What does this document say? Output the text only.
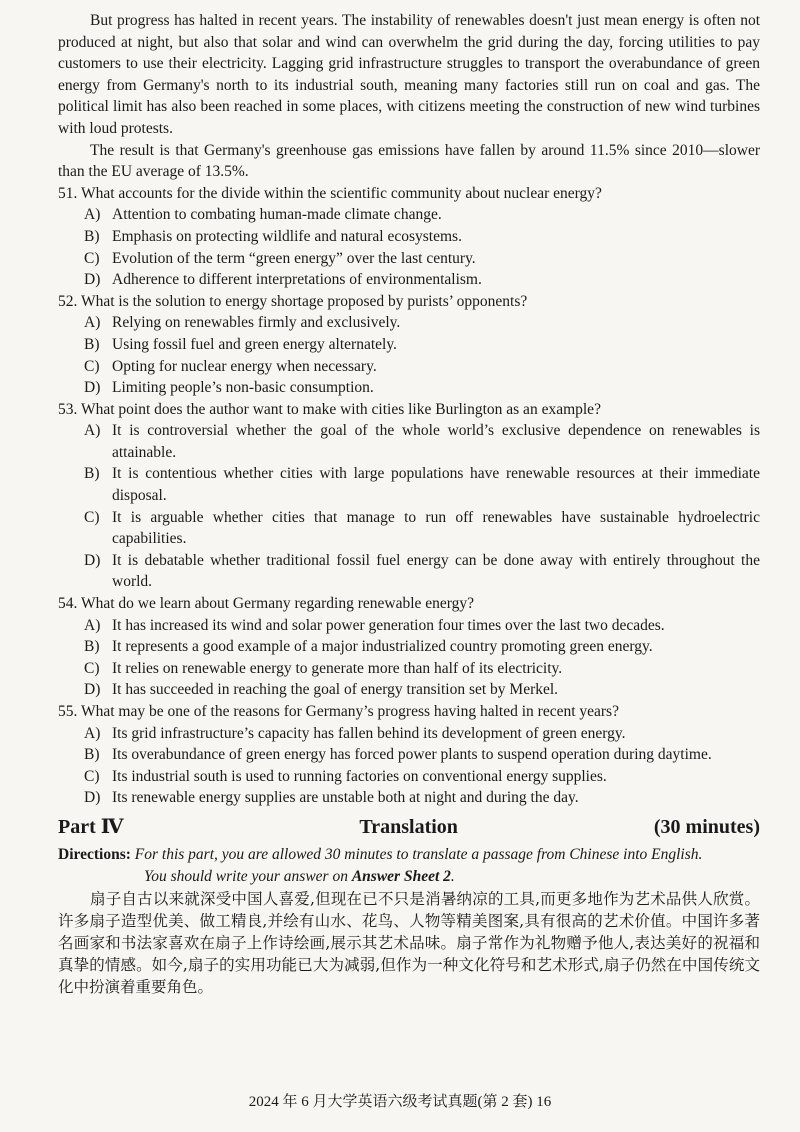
But progress has halted in recent years. The instability of renewables doesn't just mean energy is often not produced at night, but also that solar and wind can overwhelm the grid during the day, forcing utilities to pay customers to use their electricity. Lagging grid infrastructure struggles to transport the overabundance of green energy from Germany's north to its industrial south, meaning many factories still run on coal and gas. The political limit has also been reached in some places, with citizens meeting the construction of new wind turbines with loud protests.

The result is that Germany's greenhouse gas emissions have fallen by around 11.5% since 2010—slower than the EU average of 13.5%.

51. What accounts for the divide within the scientific community about nuclear energy?
A) Attention to combating human-made climate change.
B) Emphasis on protecting wildlife and natural ecosystems.
C) Evolution of the term “green energy” over the last century.
D) Adherence to different interpretations of environmentalism.
52. What is the solution to energy shortage proposed by purists’ opponents?
A) Relying on renewables firmly and exclusively.
B) Using fossil fuel and green energy alternately.
C) Opting for nuclear energy when necessary.
D) Limiting people’s non-basic consumption.
53. What point does the author want to make with cities like Burlington as an example?
A) It is controversial whether the goal of the whole world’s exclusive dependence on renewables is attainable.
B) It is contentious whether cities with large populations have renewable resources at their immediate disposal.
C) It is arguable whether cities that manage to run off renewables have sustainable hydroelectric capabilities.
D) It is debatable whether traditional fossil fuel energy can be done away with entirely throughout the world.
54. What do we learn about Germany regarding renewable energy?
A) It has increased its wind and solar power generation four times over the last two decades.
B) It represents a good example of a major industrialized country promoting green energy.
C) It relies on renewable energy to generate more than half of its electricity.
D) It has succeeded in reaching the goal of energy transition set by Merkel.
55. What may be one of the reasons for Germany’s progress having halted in recent years?
A) Its grid infrastructure’s capacity has fallen behind its development of green energy.
B) Its overabundance of green energy has forced power plants to suspend operation during daytime.
C) Its industrial south is used to running factories on conventional energy supplies.
D) Its renewable energy supplies are unstable both at night and during the day.
Part Ⅳ	Translation	(30 minutes)
Directions: For this part, you are allowed 30 minutes to translate a passage from Chinese into English.
You should write your answer on Answer Sheet 2.

扇子自古以来就深受中国人喜爱,但现在已不只是消暑纳凉的工具,而更多地作为艺术品供人欣赏。许多扇子造型优美、做工精良,并绘有山水、花鸟、人物等精美图案,具有很高的艺术价值。中国许多著名画家和书法家喜欢在扇子上作诗绘画,展示其艺术品味。扇子常作为礼物赠予他人,表达美好的祝福和真挚的情感。如今,扇子的实用功能已大为减弱,但作为一种文化符号和艺术形式,扇子仍然在中国传统文化中扮演着重要角色。

2024 年 6 月大学英语六级考试真题(第 2 套) 16
